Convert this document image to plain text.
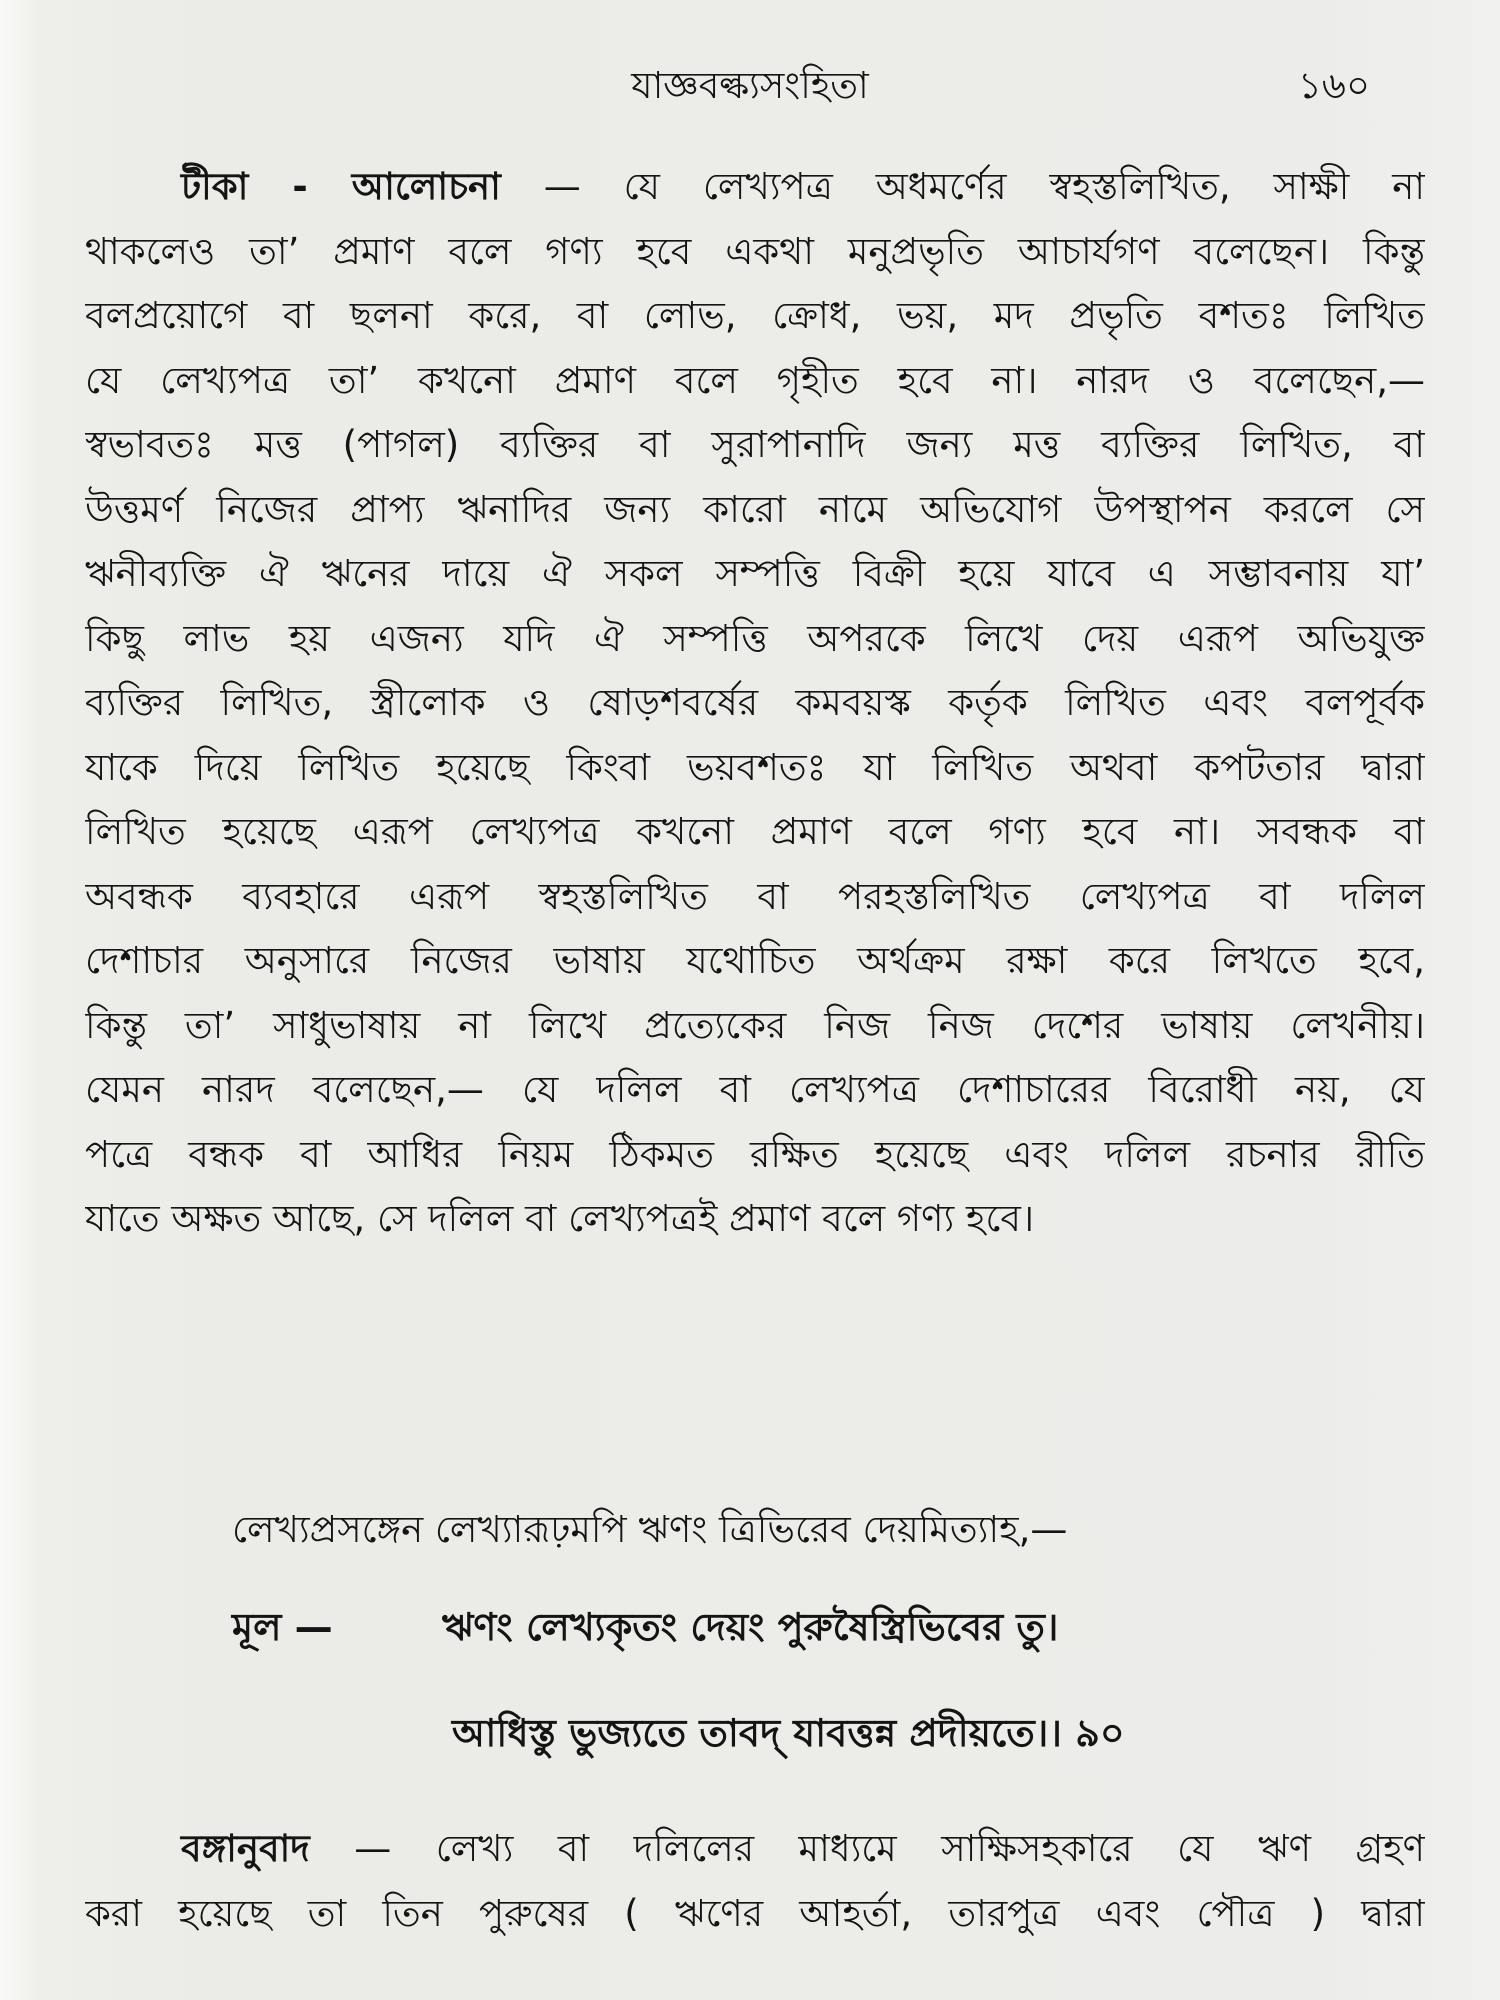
যাজ্ঞবল্ক্যসংহিতা	১৬০
টীকা - আলোচনা — যে লেখ্যপত্র অধমর্ণের স্বহস্তলিখিত, সাক্ষী না
থাকলেও তা’ প্রমাণ বলে গণ্য হবে একথা মনুপ্রভৃতি আচার্যগণ বলেছেন। কিন্তু
বলপ্রয়োগে বা ছলনা করে, বা লোভ, ক্রোধ, ভয়, মদ প্রভৃতি বশতঃ লিখিত
যে লেখ্যপত্র তা’ কখনো প্রমাণ বলে গৃহীত হবে না। নারদ ও বলেছেন,—
স্বভাবতঃ মত্ত (পাগল) ব্যক্তির বা সুরাপানাদি জন্য মত্ত ব্যক্তির লিখিত, বা
উত্তমর্ণ নিজের প্রাপ্য ঋনাদির জন্য কারো নামে অভিযোগ উপস্থাপন করলে সে
ঋনীব্যক্তি ঐ ঋনের দায়ে ঐ সকল সম্পত্তি বিক্রী হয়ে যাবে এ সম্ভাবনায় যা’
কিছু লাভ হয় এজন্য যদি ঐ সম্পত্তি অপরকে লিখে দেয় এরূপ অভিযুক্ত
ব্যক্তির লিখিত, স্ত্রীলোক ও ষোড়শবর্ষের কমবয়স্ক কর্তৃক লিখিত এবং বলপূর্বক
যাকে দিয়ে লিখিত হয়েছে কিংবা ভয়বশতঃ যা লিখিত অথবা কপটতার দ্বারা
লিখিত হয়েছে এরূপ লেখ্যপত্র কখনো প্রমাণ বলে গণ্য হবে না। সবন্ধক বা
অবন্ধক ব্যবহারে এরূপ স্বহস্তলিখিত বা পরহস্তলিখিত লেখ্যপত্র বা দলিল
দেশাচার অনুসারে নিজের ভাষায় যথোচিত অর্থক্রম রক্ষা করে লিখতে হবে,
কিন্তু তা’ সাধুভাষায় না লিখে প্রত্যেকের নিজ নিজ দেশের ভাষায় লেখনীয়।
যেমন নারদ বলেছেন,— যে দলিল বা লেখ্যপত্র দেশাচারের বিরোধী নয়, যে
পত্রে বন্ধক বা আধির নিয়ম ঠিকমত রক্ষিত হয়েছে এবং দলিল রচনার রীতি
যাতে অক্ষত আছে, সে দলিল বা লেখ্যপত্রই প্রমাণ বলে গণ্য হবে।
লেখ্যপ্রসঙ্গেন লেখ্যারূঢ়মপি ঋণং ত্রিভিরেব দেয়মিত্যাহ,—
মূল —	ঋণং লেখ্যকৃতং দেয়ং পুরুষৈস্ত্রিভিবের তু।
আধিস্তু ভুজ্যতে তাবদ্ যাবত্তন্ন প্রদীয়তে।। ৯০
বঙ্গানুবাদ — লেখ্য বা দলিলের মাধ্যমে সাক্ষিসহকারে যে ঋণ গ্রহণ
করা হয়েছে তা তিন পুরুষের ( ঋণের আহর্তা, তারপুত্র এবং পৌত্র ) দ্বারা
